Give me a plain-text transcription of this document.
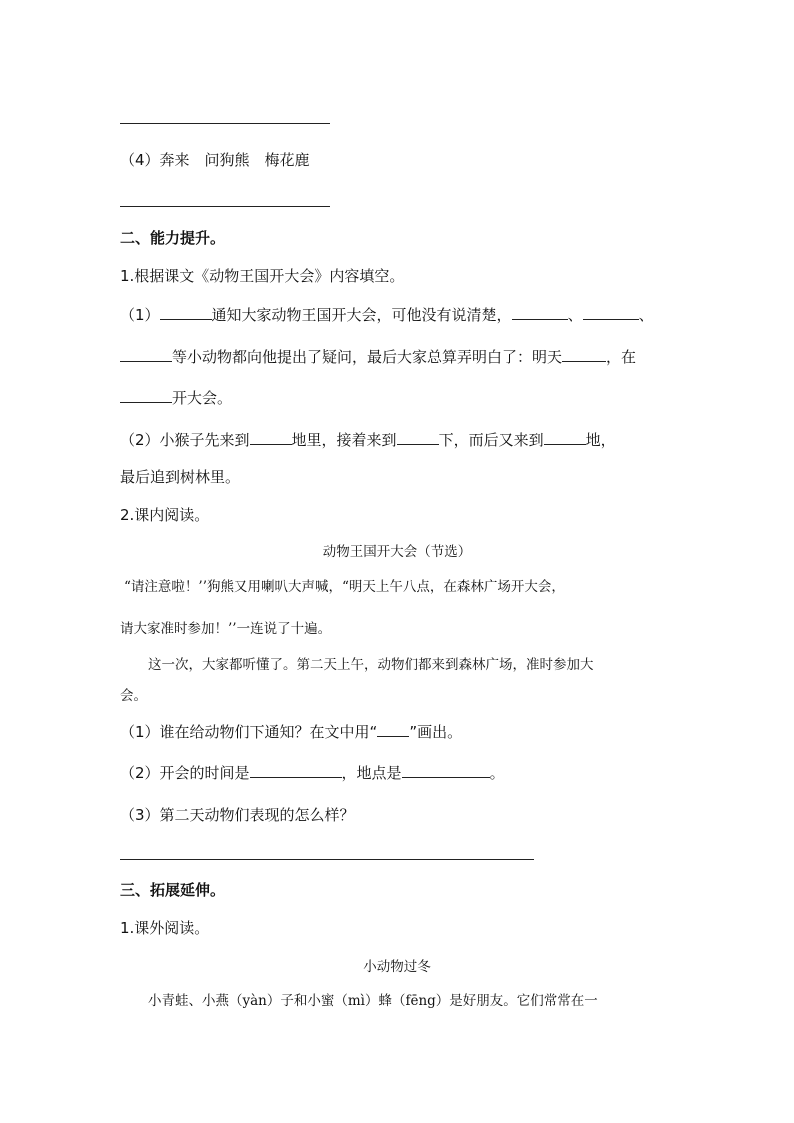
（4）奔来　问狗熊　梅花鹿
二、能力提升。
1.根据课文《动物王国开大会》内容填空。
（1）	通知大家动物王国开大会，可他没有说清楚，	、	、
等小动物都向他提出了疑问，最后大家总算弄明白了：明天	，在
开大会。
（2）小猴子先来到	地里，接着来到	下，而后又来到	地，
最后追到树林里。
2.课内阅读。
动物王国开大会（节选）
“请注意啦！’’狗熊又用喇叭大声喊，“明天上午八点，在森林广场开大会，
请大家准时参加！’’一连说了十遍。
这一次，大家都听懂了。第二天上午，动物们都来到森林广场，准时参加大
会。
（1）谁在给动物们下通知？在文中用“ ”画出。
（2）开会的时间是	，地点是	。
（3）第二天动物们表现的怎么样？
三、拓展延伸。
1.课外阅读。
小动物过冬
小青蛙、小燕（yàn）子和小蜜（mì）蜂（fēng）是好朋友。它们常常在一
